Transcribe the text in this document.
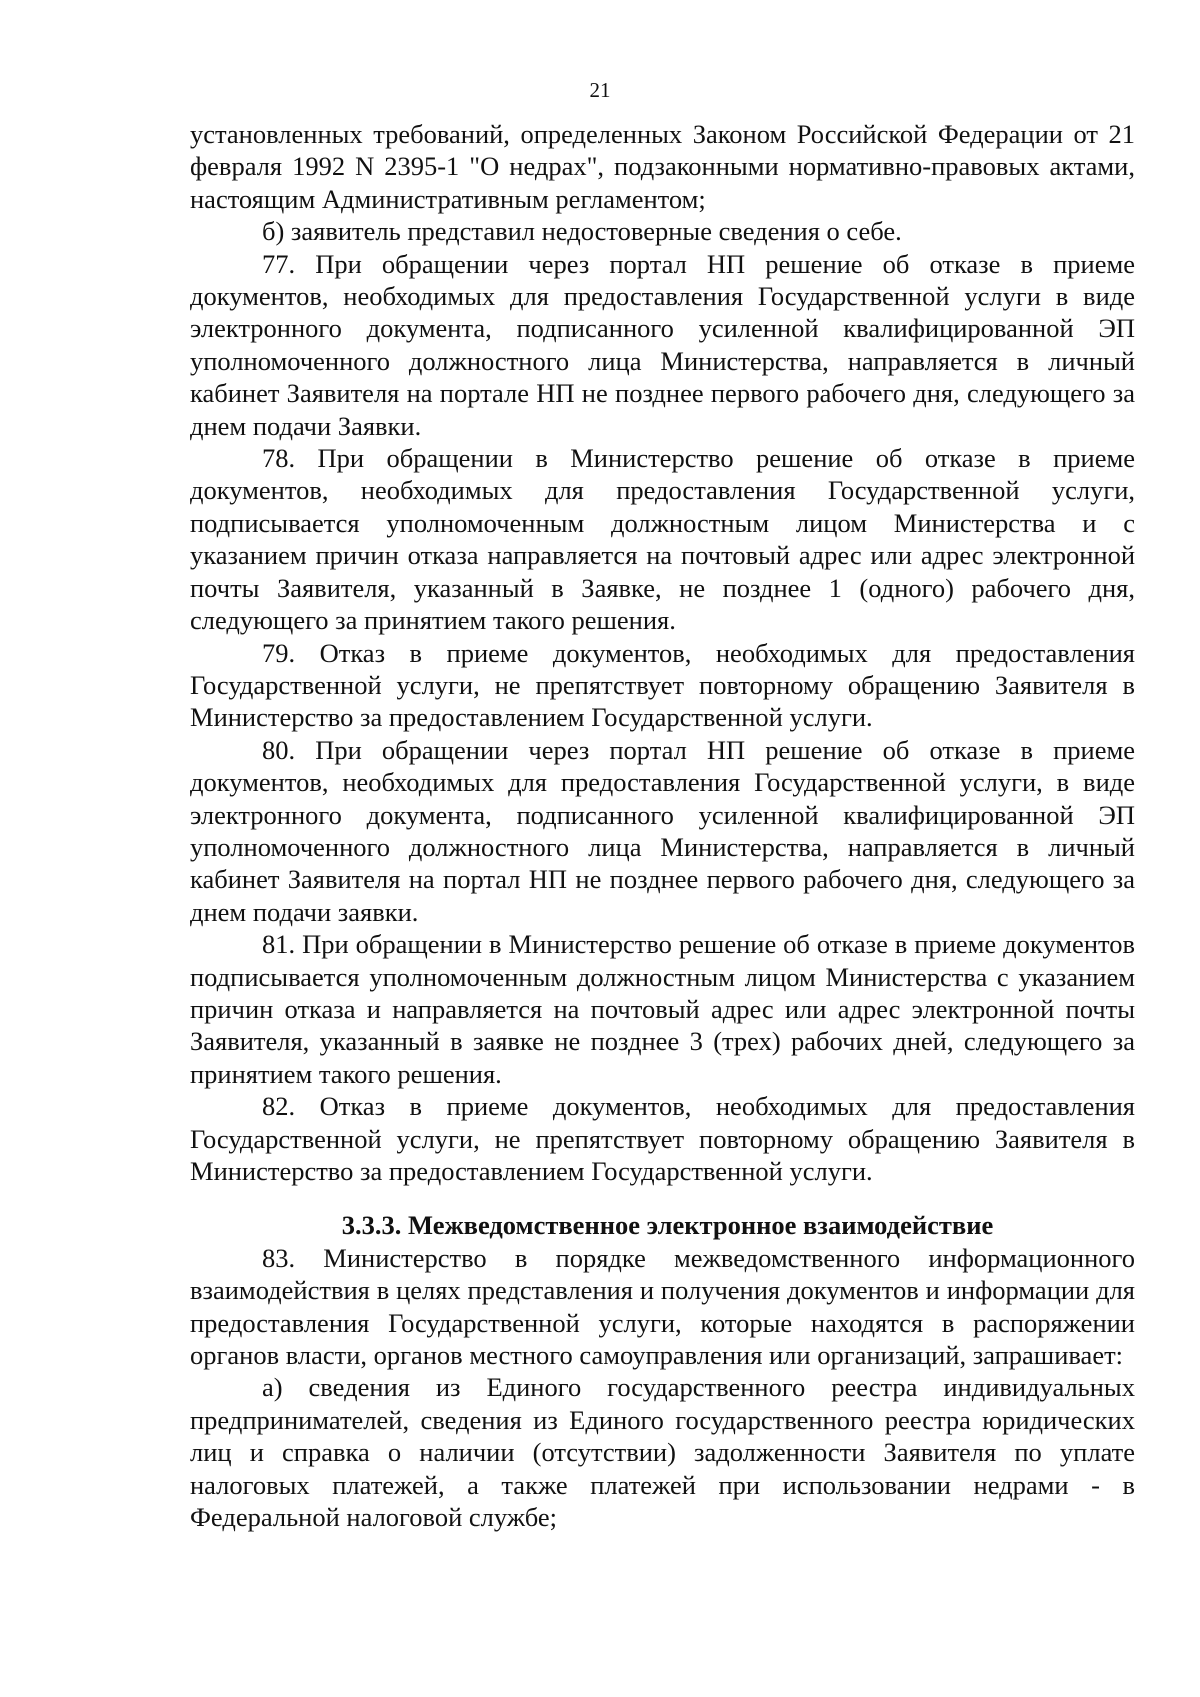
21

установленных требований, определенных Законом Российской Федерации от 21 февраля 1992 N 2395-1 "О недрах", подзаконными нормативно-правовых актами, настоящим Административным регламентом;

б) заявитель представил недостоверные сведения о себе.

77. При обращении через портал НП решение об отказе в приеме документов, необходимых для предоставления Государственной услуги в виде электронного документа, подписанного усиленной квалифицированной ЭП уполномоченного должностного лица Министерства, направляется в личный кабинет Заявителя на портале НП не позднее первого рабочего дня, следующего за днем подачи Заявки.

78. При обращении в Министерство решение об отказе в приеме документов, необходимых для предоставления Государственной услуги, подписывается уполномоченным должностным лицом Министерства и с указанием причин отказа направляется на почтовый адрес или адрес электронной почты Заявителя, указанный в Заявке, не позднее 1 (одного) рабочего дня, следующего за принятием такого решения.

79. Отказ в приеме документов, необходимых для предоставления Государственной услуги, не препятствует повторному обращению Заявителя в Министерство за предоставлением Государственной услуги.

80. При обращении через портал НП решение об отказе в приеме документов, необходимых для предоставления Государственной услуги, в виде электронного документа, подписанного усиленной квалифицированной ЭП уполномоченного должностного лица Министерства, направляется в личный кабинет Заявителя на портал НП не позднее первого рабочего дня, следующего за днем подачи заявки.

81. При обращении в Министерство решение об отказе в приеме документов подписывается уполномоченным должностным лицом Министерства с указанием причин отказа и направляется на почтовый адрес или адрес электронной почты Заявителя, указанный в заявке не позднее 3 (трех) рабочих дней, следующего за принятием такого решения.

82. Отказ в приеме документов, необходимых для предоставления Государственной услуги, не препятствует повторному обращению Заявителя в Министерство за предоставлением Государственной услуги.

3.3.3. Межведомственное электронное взаимодействие

83. Министерство в порядке межведомственного информационного взаимодействия в целях представления и получения документов и информации для предоставления Государственной услуги, которые находятся в распоряжении органов власти, органов местного самоуправления или организаций, запрашивает:

а) сведения из Единого государственного реестра индивидуальных предпринимателей, сведения из Единого государственного реестра юридических лиц и справка о наличии (отсутствии) задолженности Заявителя по уплате налоговых платежей, а также платежей при использовании недрами - в Федеральной налоговой службе;
